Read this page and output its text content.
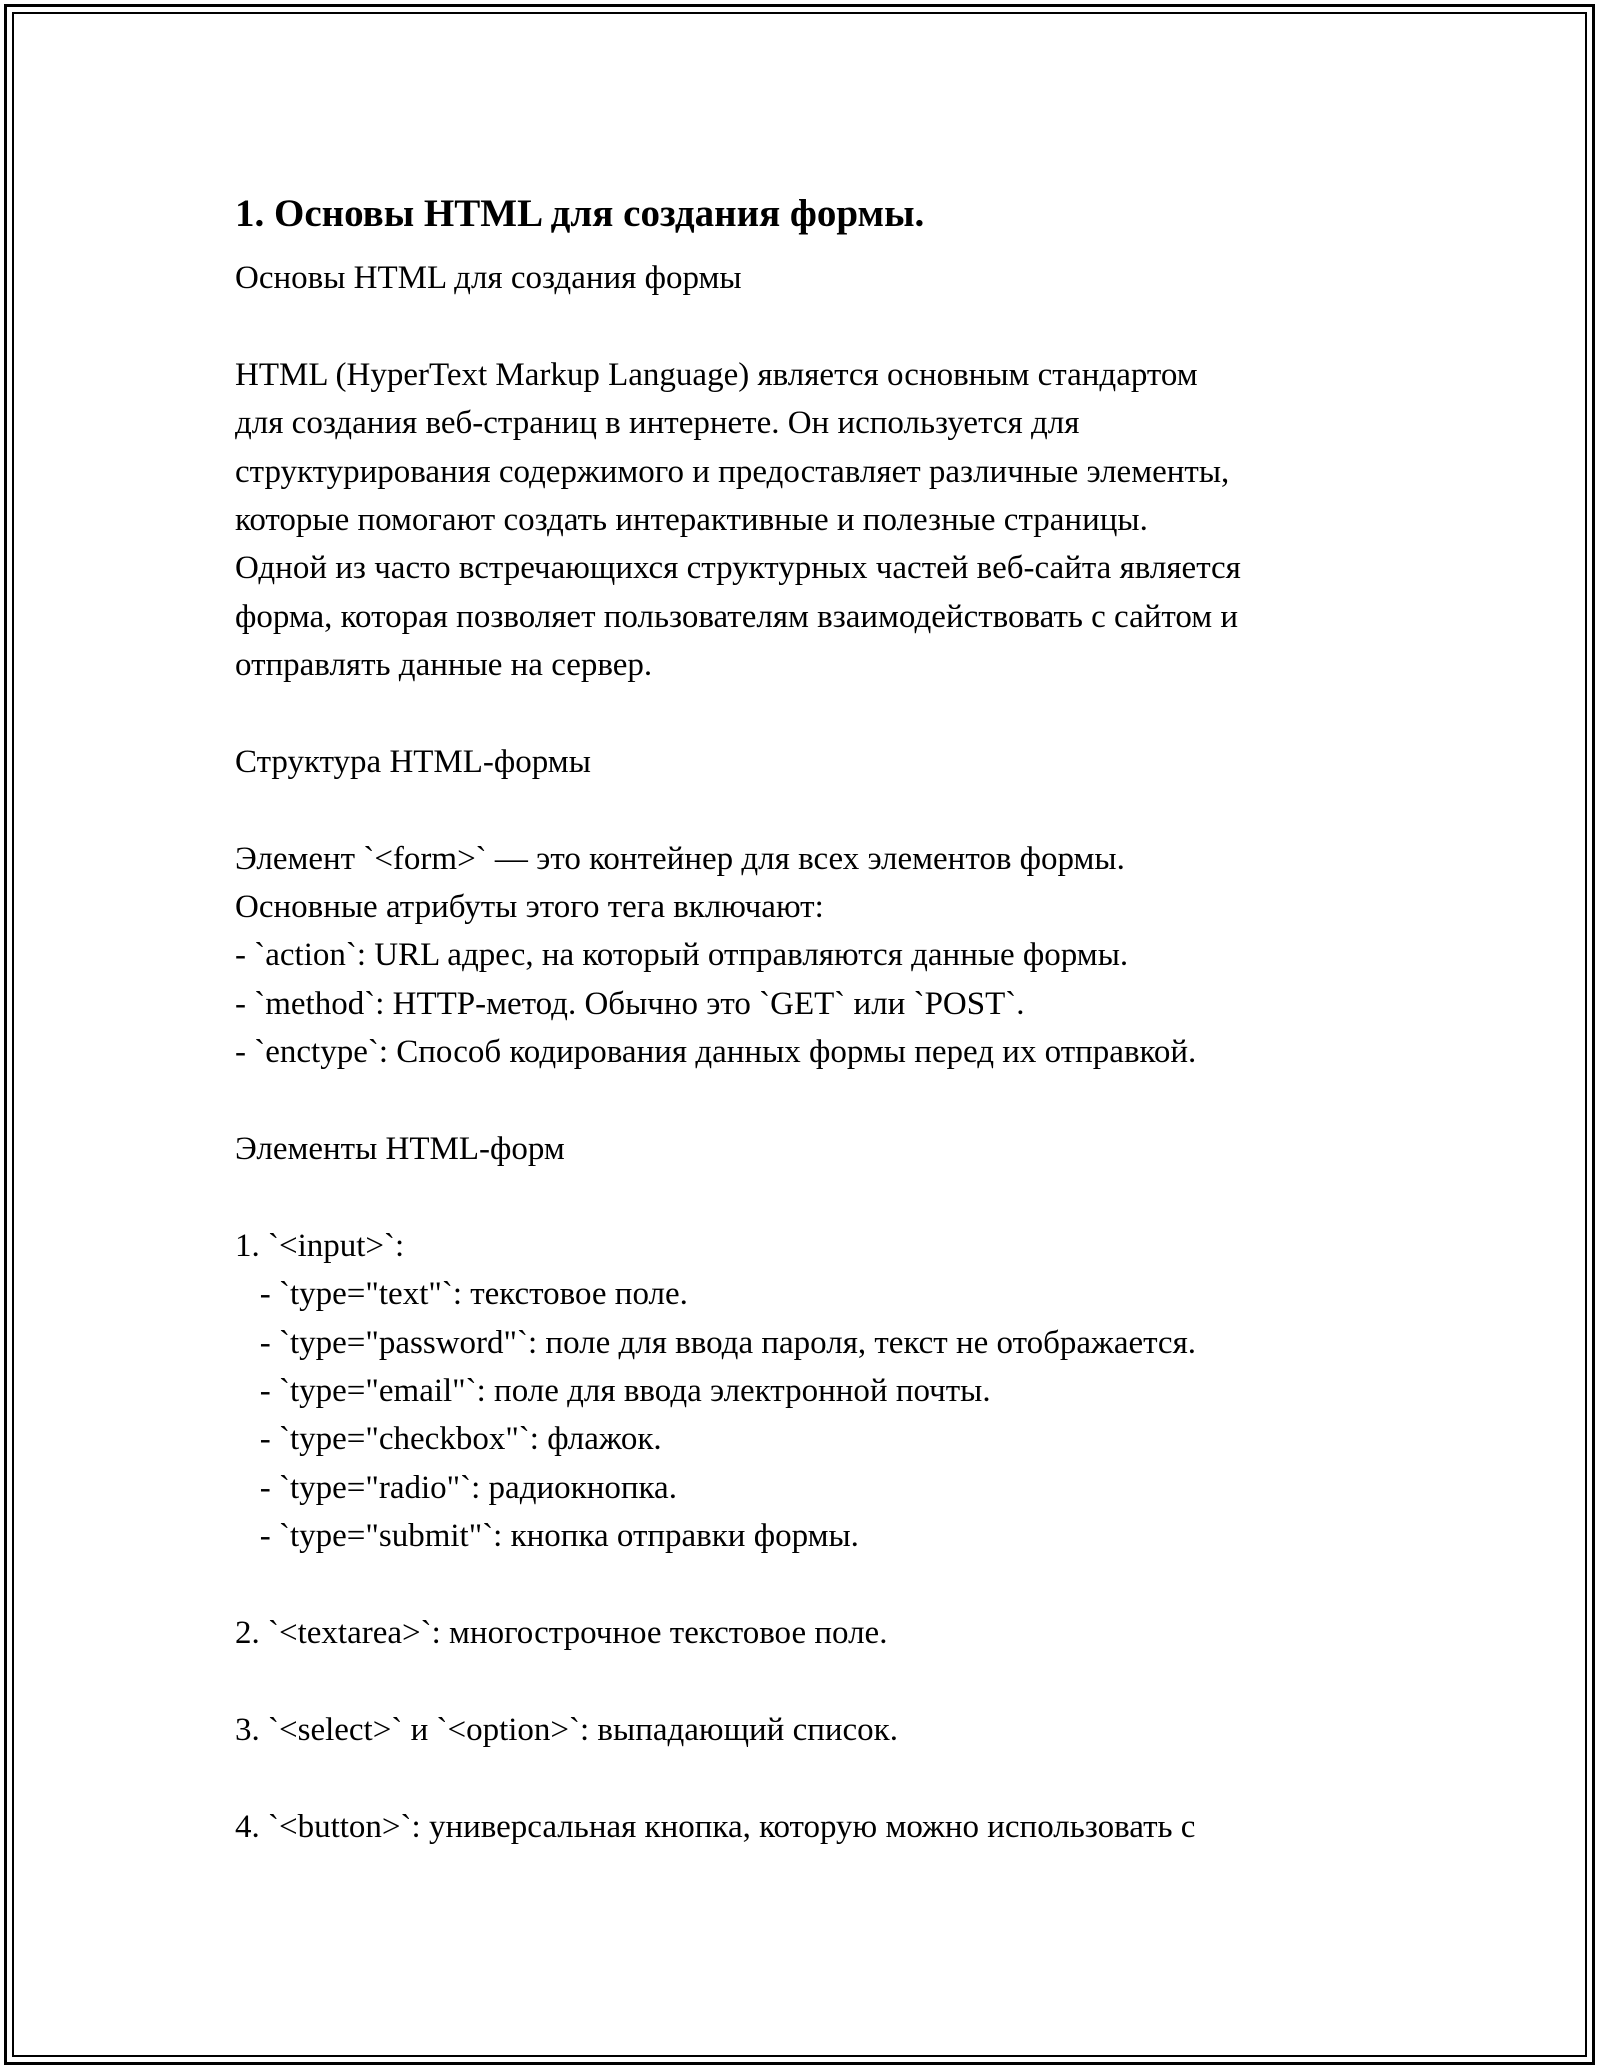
1. Основы HTML для создания формы.
Основы HTML для создания формы
HTML (HyperText Markup Language) является основным стандартом
для создания веб-страниц в интернете. Он используется для
структурирования содержимого и предоставляет различные элементы,
которые помогают создать интерактивные и полезные страницы.
Одной из часто встречающихся структурных частей веб-сайта является
форма, которая позволяет пользователям взаимодействовать с сайтом и
отправлять данные на сервер.
Структура HTML-формы
Элемент `<form>` — это контейнер для всех элементов формы.
Основные атрибуты этого тега включают:
- `action`: URL адрес, на который отправляются данные формы.
- `method`: HTTP-метод. Обычно это `GET` или `POST`.
- `enctype`: Способ кодирования данных формы перед их отправкой.
Элементы HTML-форм
1. `<input>`:
- `type="text"`: текстовое поле.
- `type="password"`: поле для ввода пароля, текст не отображается.
- `type="email"`: поле для ввода электронной почты.
- `type="checkbox"`: флажок.
- `type="radio"`: радиокнопка.
- `type="submit"`: кнопка отправки формы.
2. `<textarea>`: многострочное текстовое поле.
3. `<select>` и `<option>`: выпадающий список.
4. `<button>`: универсальная кнопка, которую можно использовать с
